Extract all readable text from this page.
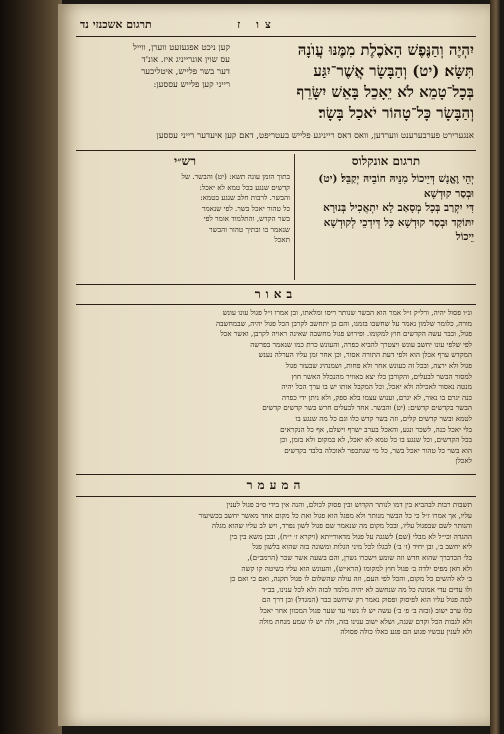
תרגום אשכנזי נד	צו ז
קען ניכט אפגעזעט ווערן, ווייל
עס שוין אונרייניג איז. אונ'ד
דער בשר פלייש, איטליכער
רייני קען פלייש עססען:
יִהְיֶה וְהַנֶּפֶשׁ הָאֹכֶלֶת מִמֶּנּוּ עֲוֺנָהּ
תִּשָּׂא׃ (יט) וְהַבָּשָׂר אֲשֶׁר־יִגַּע
בְּכָל־טָמֵא לֹא יֵאָכֵל בָּאֵשׁ יִשָּׂרֵף
וְהַבָּשָׂר כָּל־טָהוֹר יֹאכַל בָּשָׂר׃
אנגערירט פערבערענט ווערדען, וואס דאס רייניגע פלייש בעטריפט, דאם קען איעדער רייני עססען
תרגום אונקלוס
יְהֵי וֶאֱנָשׁ דְּיֵיכוֹל מִנֵּיהּ חוֹבֵיהּ יְקַבֵּל׃ (יט) וּבְסַר קוּדְשָׁא
דִּי יִקְרַב בְּכָל מְסָאַב לָא יִתְאֲכִיל בְּנוּרָא
יִתּוֹקַד וּבְסַר קוּדְשָׁא כָּל דְּיִדְכֵי לְקוּדְשָׁא
יֵיכוֹל
רש״י
בתוך הזמן עונה תשא: (יט) והבשר. של
קדשים שנגע בכל טמא לא יאכל:
והבשר. לרבות חלב שנגע בטמא:
כל טהור יאכל בשר. לפי שנאמר
בשר הקדש, והתלמוד אומר לפי
שנאמר בו ובתיך טהור והבשר
תאכל
באור
ונ״ו פסול יהיה, ורל״ק ז״ל אמר הוא הבשר שנותר ריסו ומלאתו, ובן אמרו ז״ל פגול עונו עונש
מורה, כלומר שלמון נאמר על שחשבו בזמנו, והם כן יתחשב לקרבן הכל פגול יהיה, שבמחשבה
פגול, וכבר עשה הקדשים חוץ למקומו. ופירוש פגול מחשבה שאינה ראויה לקרבן, ואשר אכל
לפי שלפי עונו יחשב עונש ויצטרך להביא כפרה, והעונש כרת כמו שנאמר בפרשה
המקדש ערף אכלן הוא ולפי דעת התורה אסור, וכן אחר זמן עליו הערלה נענש
פגול ולא ירצה, ובכל זה כעונש אחר ולא פחות, ושמנהיג שבעזר פגול
למסור הבשר לבעלים, והקורבן כלו יצא באוויר מהנכלל האשר חוץ
מנטה נאסור לאכילה ולא יאכל, וכל המקבל אותו יש בו ערך הכל יהיה
כנה יגרם בו נאור, לא יגרם, וענוש עצמו בלא ספק, ולא ניתן ידי כפרה
הבשר בקדשים קדשים: (יט) והבשר. אחד לבעלים חרש בשר קדשים קדשים
לטמא ובשר קדשים קלים, וזה בשר קדש כלו וגם כל מה שנגע בו
בלי יאכל כנה, לשכר ונגע, והאכל בערב ישרף וישלם, אף כל הנקראים
בכל הקדשים, וכל שנגע בו כל טמא לא יאכל, לא במקום ולא בזמן, וכן
הוא בשר כל טהור יאכל בשר, כל מי שנתכפר לאוכלה בלבד בקדשים
לאכלן
המעמר
תשבות רבות לבהביא בין דמו לנותר הקדוש ובין פסוק לכולם, והנה אין בידי ס״ב פגול לענין
עליו, אך אמרו ז״ל כי כל הבשר מנותר ולא מפגל הוא פגול ואת כל מקום אחד מאשר יחשב בכשיעור
והנותר לשם שבפגול עליו, ובכל מקום מה שנאמר שם פגול לשון נפרד, ויש לב עליו שהוא מגלה
ההגדה וכי״ל לא מבלי (שם) לשגגה על פגול מדאורייתא (ויקרא ז׳ י״ח), ובכן משא בין בין
ליא יחשב ב׳, ובן יחיד (ז׳ ב׳) לבגלו לכל מיני הגלות ומשונה בזה שהוא בלשון פגל
בל׳ הכדברך שהוא חדש וזה שומע וישכרו נשרן, והם בשעה אשר שכר (הרמב״ם),
ולא חאן מפיס ילדה ב׳ פגול חוץ למקומו (הרא״ש), והעונש הוא עליו כשיטה קו קשה
ב׳ לא להשים כל מקום, והכל לפי העם, וזה עולה שהשלום לו פגול תקנה, ואם כי ואם כן
ולו עדים עדי אמונה כל מה שנחשב לא יהיה מלמד לבזה ולא לכל ענינו, בב״ד
למה פגול עליו הוא לפיסוק ופסוק נאמר רק שיחשב כבר (המגדל) ובן דרך הם
כלו ערב ישוב (ובזה ב׳ פ׳ ב׳) עשה יש לו נשוי עד שער פגול המכוון אחר יאכל
ולא לגבות הכל וקדם שגגה, ושלא ישוב ענינו בזה, ולה יש לו שמע מנחת מולה
ולא לענין עכשיו פגוע הם פגע כאלו כולה פסולה
